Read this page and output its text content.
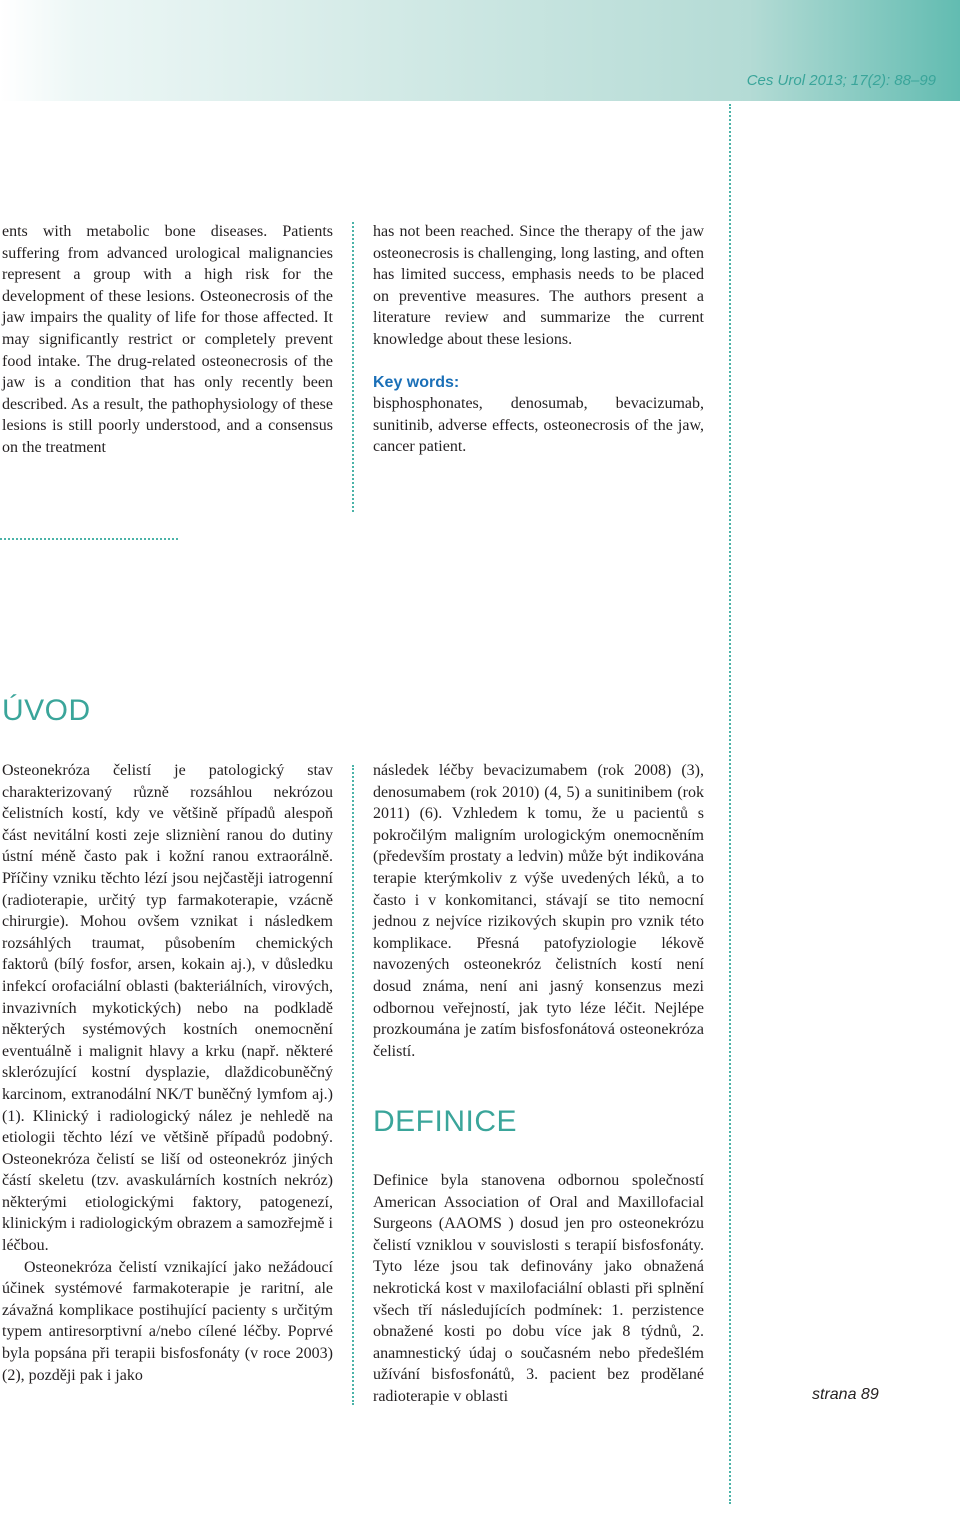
Ces Urol 2013; 17(2): 88–99

ents with metabolic bone diseases. Patients suffering from advanced urological malignancies represent a group with a high risk for the development of these lesions. Osteonecrosis of the jaw impairs the quality of life for those affected. It may significantly restrict or completely prevent food intake. The drug-related osteonecrosis of the jaw is a condition that has only recently been described. As a result, the pathophysiology of these lesions is still poorly understood, and a consensus on the treatment

has not been reached. Since the therapy of the jaw osteonecrosis is challenging, long lasting, and often has limited success, emphasis needs to be placed on preventive measures. The authors present a literature review and summarize the current knowledge about these lesions.

Key words:

bisphosphonates, denosumab, bevacizumab, sunitinib, adverse effects, osteonecrosis of the jaw, cancer patient.

ÚVOD

Osteonekróza čelistí je patologický stav charakterizovaný různě rozsáhlou nekrózou čelistních kostí, kdy ve většině případů alespoň část nevitální kosti zeje sliznièní ranou do dutiny ústní méně často pak i kožní ranou extraorálně. Příčiny vzniku těchto lézí jsou nejčastěji iatrogenní (radioterapie, určitý typ farmakoterapie, vzácně chirurgie). Mohou ovšem vznikat i následkem rozsáhlých traumat, působením chemických faktorů (bílý fosfor, arsen, kokain aj.), v důsledku infekcí orofaciální oblasti (bakteriálních, virových, invazivních mykotických) nebo na podkladě některých systémových kostních onemocnění eventuálně i malignit hlavy a krku (např. některé sklerózující kostní dysplazie, dlaždicobuněčný karcinom, extranodální NK/T buněčný lymfom aj.) (1). Klinický i radiologický nález je nehledě na etiologii těchto lézí ve většině případů podobný. Osteonekróza čelistí se liší od osteonekróz jiných částí skeletu (tzv. avaskulárních kostních nekróz) některými etiologickými faktory, patogenezí, klinickým i radiologickým obrazem a samozřejmě i léčbou.

Osteonekróza čelistí vznikající jako nežádoucí účinek systémové farmakoterapie je raritní, ale závažná komplikace postihující pacienty s určitým typem antiresorptivní a/nebo cílené léčby. Poprvé byla popsána při terapii bisfosfonáty (v roce 2003) (2), později pak i jako

následek léčby bevacizumabem (rok 2008) (3), denosumabem (rok 2010) (4, 5) a sunitinibem (rok 2011) (6). Vzhledem k tomu, že u pacientů s pokročilým maligním urologickým onemocněním (především prostaty a ledvin) může být indikována terapie kterýmkoliv z výše uvedených léků, a to často i v konkomitanci, stávají se tito nemocní jednou z nejvíce rizikových skupin pro vznik této komplikace. Přesná patofyziologie lékově navozených osteonekróz čelistních kostí není dosud známa, není ani jasný konsenzus mezi odbornou veřejností, jak tyto léze léčit. Nejlépe prozkoumána je zatím bisfosfonátová osteonekróza čelistí.

DEFINICE

Definice byla stanovena odbornou společností American Association of Oral and Maxillofacial Surgeons (AAOMS ) dosud jen pro osteonekrózu čelistí vzniklou v souvislosti s terapií bisfosfonáty. Tyto léze jsou tak definovány jako obnažená nekrotická kost v maxilofaciální oblasti při splnění všech tří následujících podmínek: 1. perzistence obnažené kosti po dobu více jak 8 týdnů, 2. anamnestický údaj o současném nebo předešlém užívání bisfosfonátů, 3. pacient bez prodělané radioterapie v oblasti	strana 89
